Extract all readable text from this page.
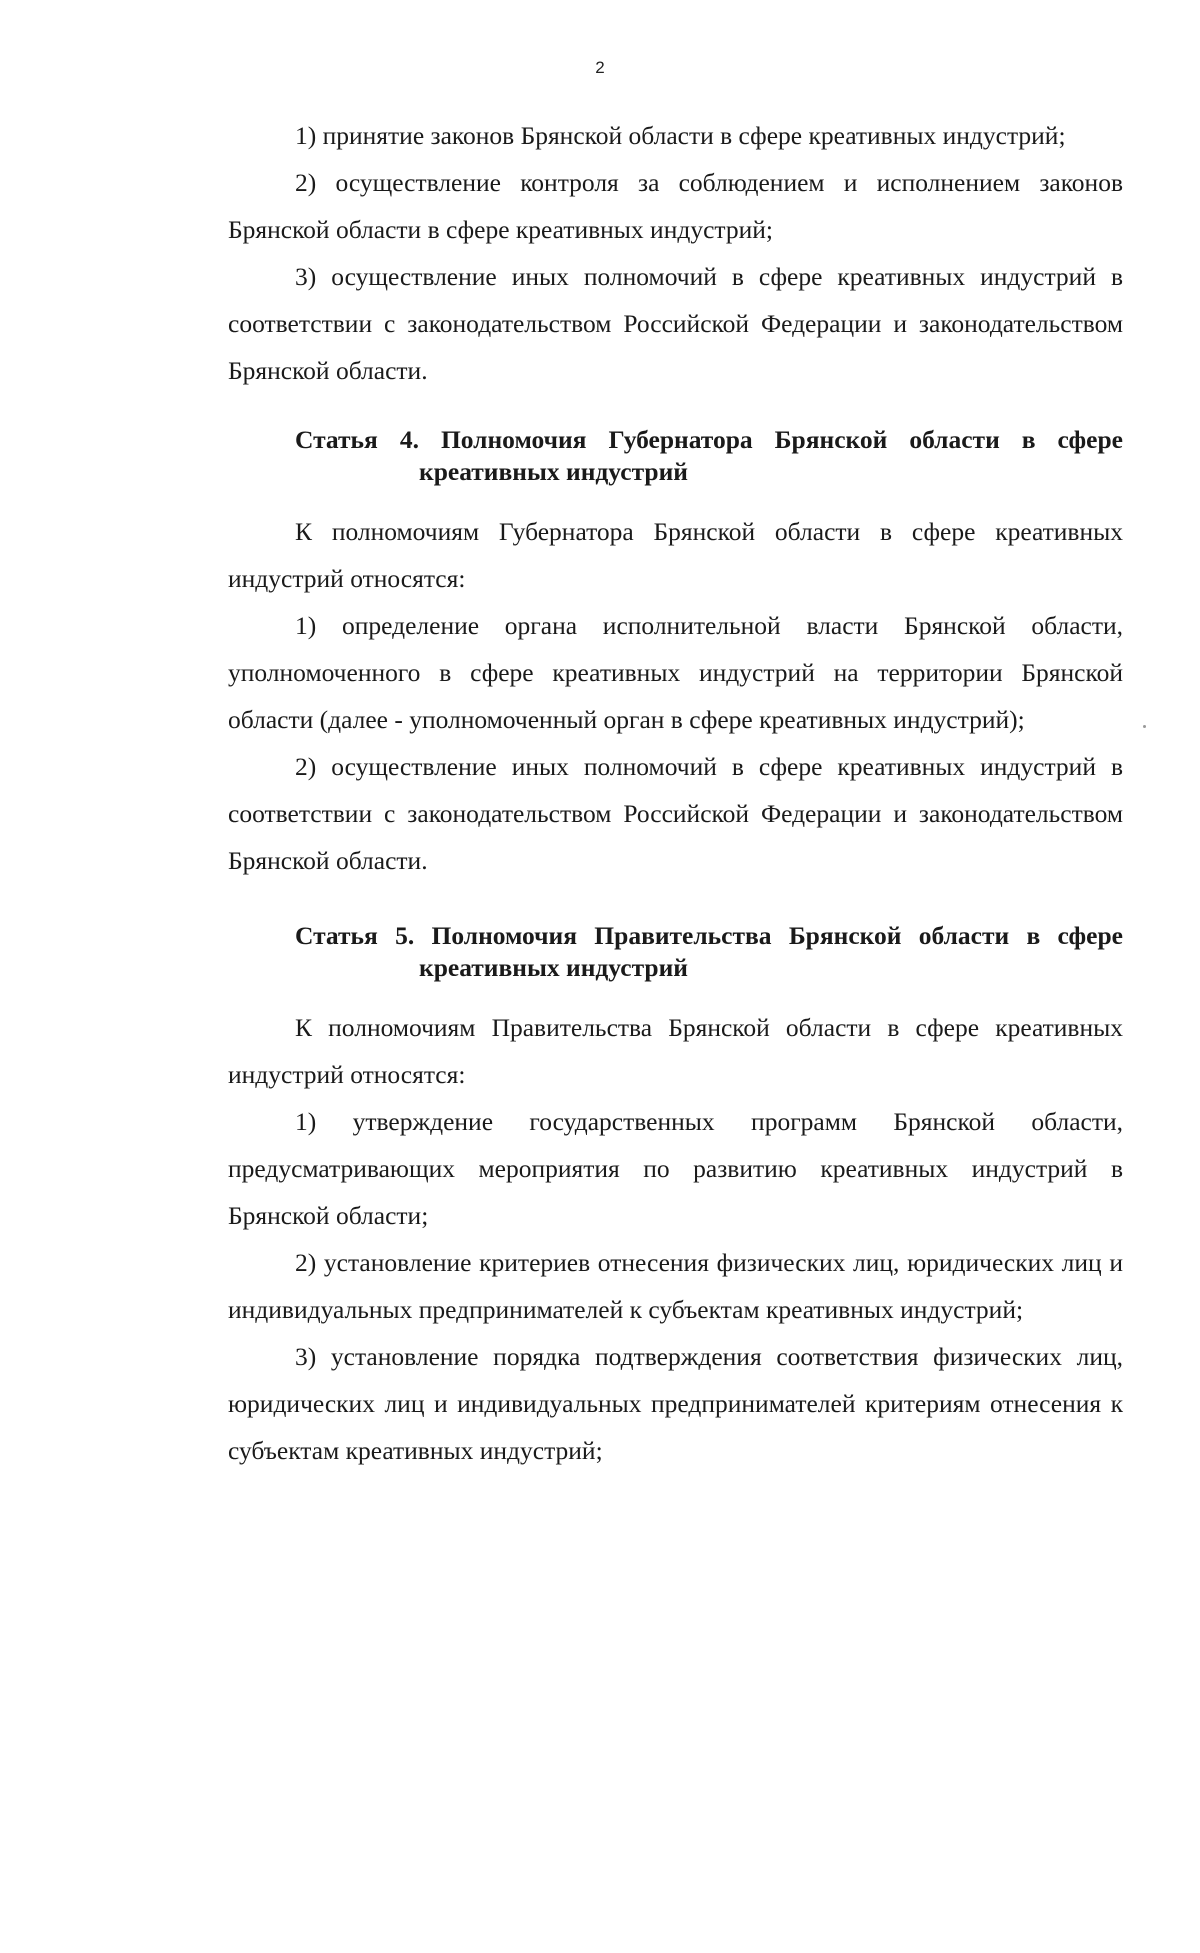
2

1) принятие законов Брянской области в сфере креативных индустрий;

2) осуществление контроля за соблюдением и исполнением законов Брянской области в сфере креативных индустрий;

3) осуществление иных полномочий в сфере креативных индустрий в соответствии с законодательством Российской Федерации и законодательством Брянской области.

Статья 4. Полномочия Губернатора Брянской области в сфере
креативных индустрий

К полномочиям Губернатора Брянской области в сфере креативных индустрий относятся:

1) определение органа исполнительной власти Брянской области, уполномоченного в сфере креативных индустрий на территории Брянской области (далее - уполномоченный орган в сфере креативных индустрий);

2) осуществление иных полномочий в сфере креативных индустрий в соответствии с законодательством Российской Федерации и законодательством Брянской области.

Статья 5. Полномочия Правительства Брянской области в сфере
креативных индустрий

К полномочиям Правительства Брянской области в сфере креативных индустрий относятся:

1) утверждение государственных программ Брянской области, предусматривающих мероприятия по развитию креативных индустрий в Брянской области;

2) установление критериев отнесения физических лиц, юридических лиц и индивидуальных предпринимателей к субъектам креативных индустрий;

3) установление порядка подтверждения соответствия физических лиц, юридических лиц и индивидуальных предпринимателей критериям отнесения к субъектам креативных индустрий;
